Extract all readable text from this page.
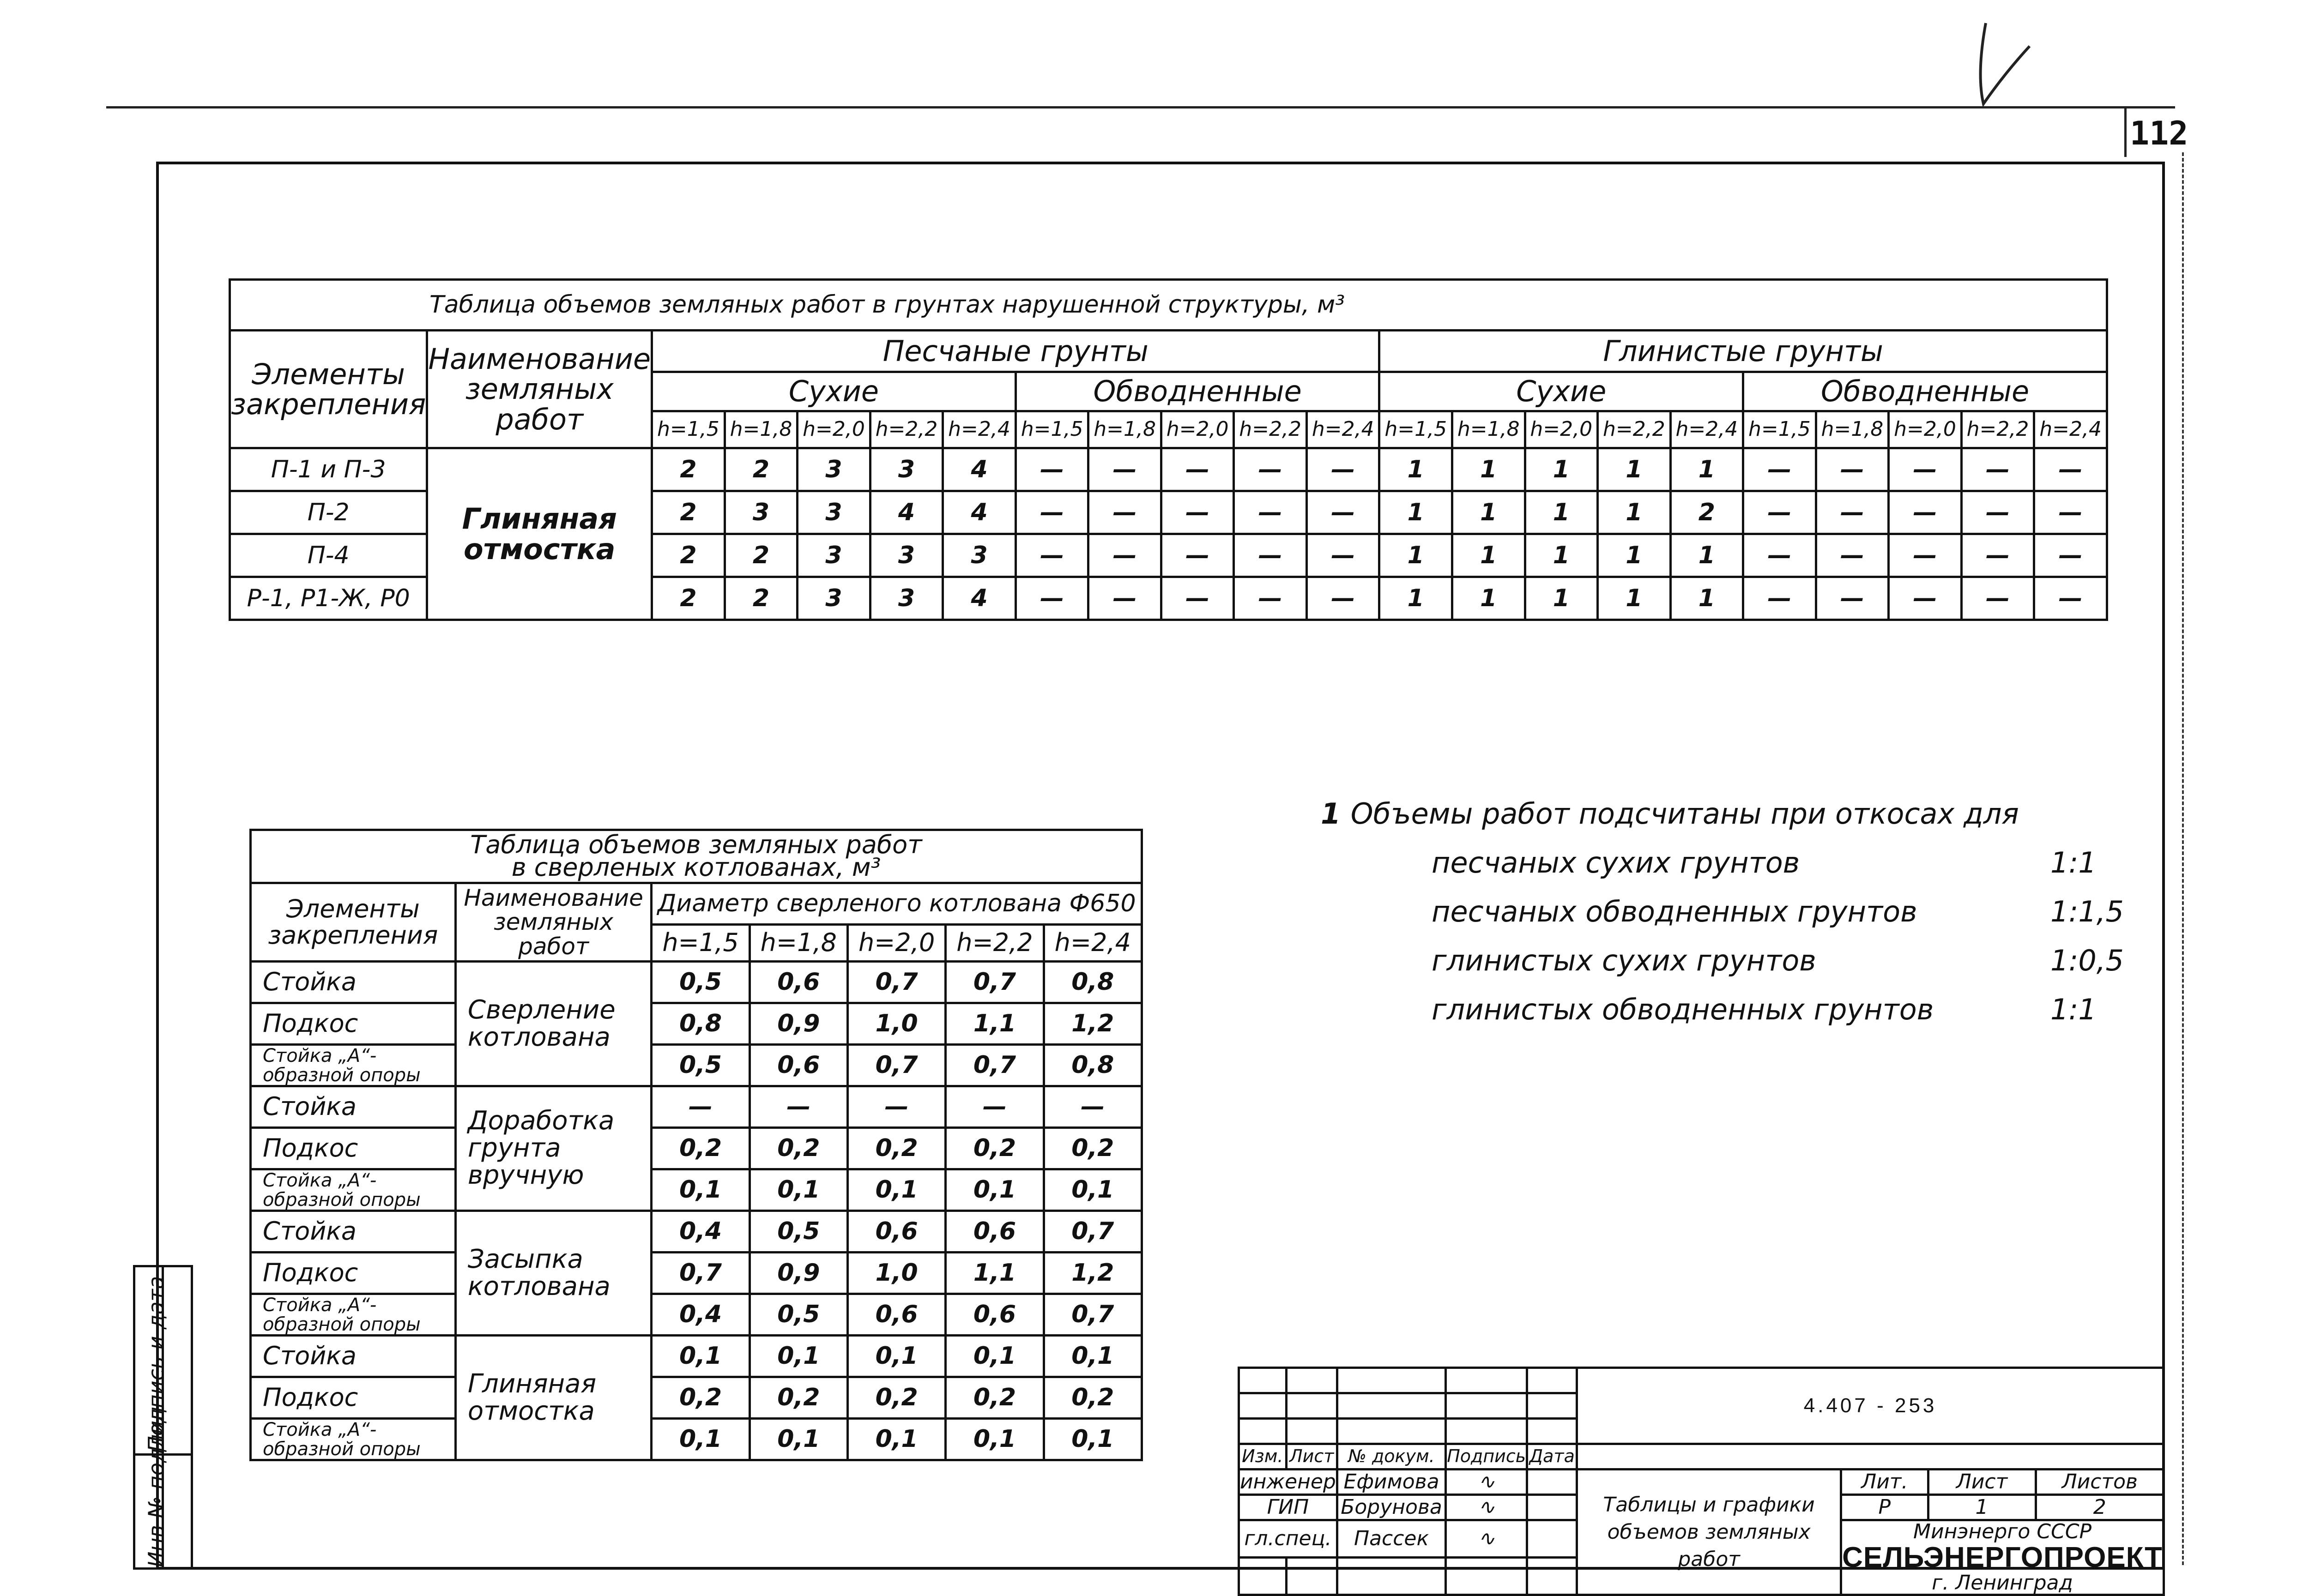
112
Таблица объемов земляных работ в грунтах нарушенной структуры, м³																					
Элементы закрепления	Наименование земляных работ	Песчаные грунты										Глинистые грунты									
		Сухие					Обводненные					Сухие					Обводненные				
		h=1,5	h=1,8	h=2,0	h=2,2	h=2,4	h=1,5	h=1,8	h=2,0	h=2,2	h=2,4	h=1,5	h=1,8	h=2,0	h=2,2	h=2,4	h=1,5	h=1,8	h=2,0	h=2,2	h=2,4
П-1 и П-3	Глиняная отмостка	2	2	3	3	4	—	—	—	—	—	1	1	1	1	1	—	—	—	—	—
П-2		2	3	3	4	4	—	—	—	—	—	1	1	1	1	2	—	—	—	—	—
П-4		2	2	3	3	3	—	—	—	—	—	1	1	1	1	1	—	—	—	—	—
Р-1, Р1-Ж, Р0		2	2	3	3	4	—	—	—	—	—	1	1	1	1	1	—	—	—	—	—
Таблица объемов земляных работ
в сверленых котлованах, м³						

Элементы закрепления	Наименование земляных работ	Диаметр сверленого котлована Ф650				
		h=1,5	h=1,8	h=2,0	h=2,2	h=2,4
Стойка	Сверление котлована	0,5	0,6	0,7	0,7	0,8
Подкос		0,8	0,9	1,0	1,1	1,2
Стойка „А“-образной опоры		0,5	0,6	0,7	0,7	0,8
Стойка	Доработка грунта вручную	—	—	—	—	—
Подкос		0,2	0,2	0,2	0,2	0,2
Стойка „А“-образной опоры		0,1	0,1	0,1	0,1	0,1
Стойка	Засыпка котлована	0,4	0,5	0,6	0,6	0,7
Подкос		0,7	0,9	1,0	1,1	1,2
Стойка „А“-образной опоры		0,4	0,5	0,6	0,6	0,7
Стойка	Глиняная отмостка	0,1	0,1	0,1	0,1	0,1
Подкос		0,2	0,2	0,2	0,2	0,2
Стойка „А“-образной опоры		0,1	0,1	0,1	0,1	0,1
1 Объемы работ подсчитаны при откосах для
песчаных сухих грунтов	1:1
песчаных обводненных грунтов	1:1,5
глинистых сухих грунтов	1:0,5
глинистых обводненных грунтов	1:1
Подпись и дата
Инв № подлин
					4.407 - 253			

Изм.	Лист	№ докум.	Подпись	Дата				
инженер		Ефимова	∿		Таблицы и графики объемов земляных работ	Лит.	Лист	Листов
ГИП		Борунова	∿			Р	1	2
гл.спец.		Пассек	∿			Минэнерго СССР
СЕЛЬЭНЕРГОПРОЕКТ
г. Ленинград		
